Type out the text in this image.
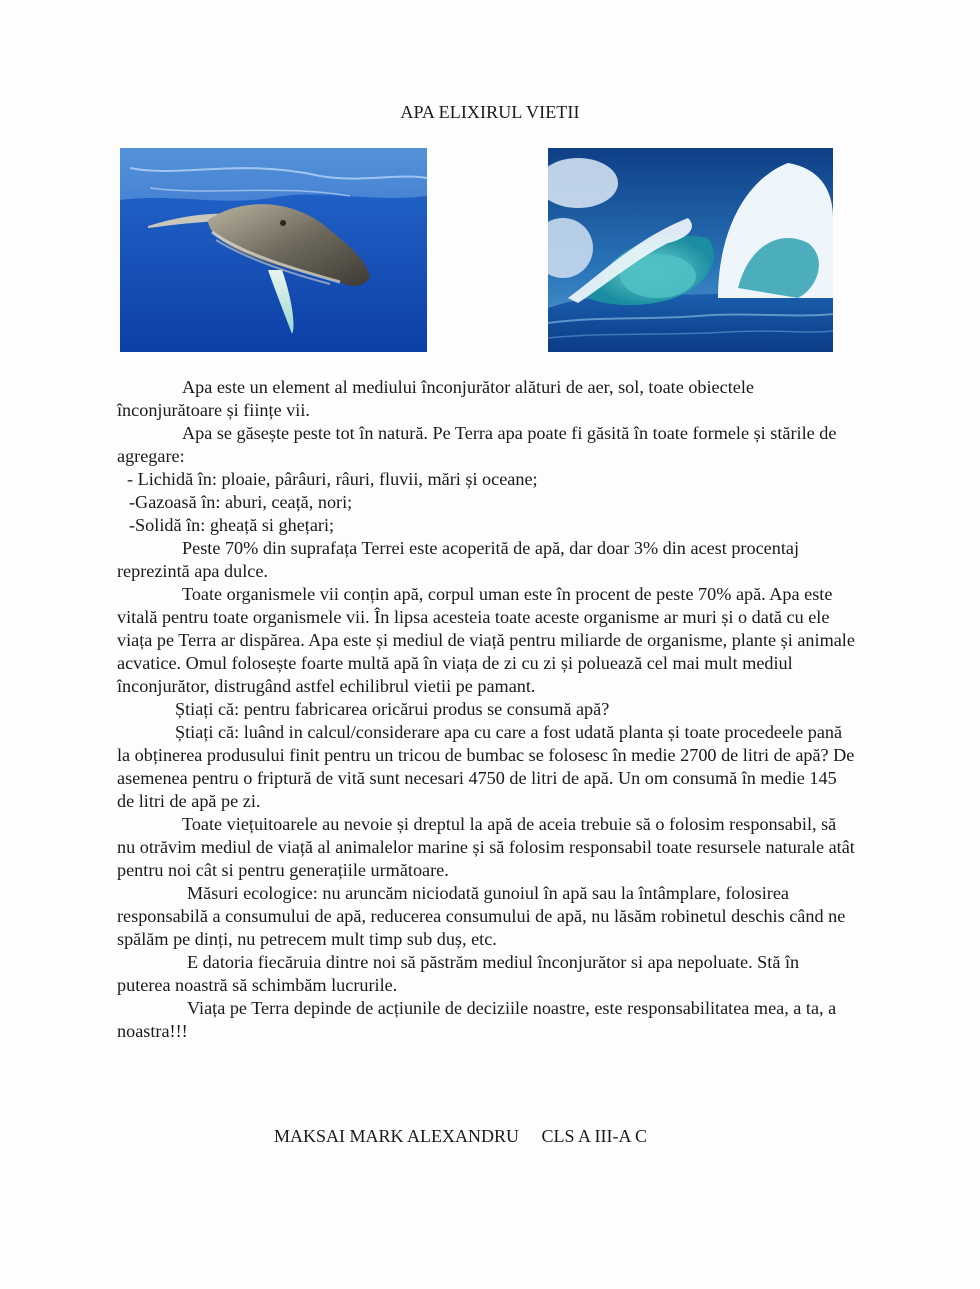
APA ELIXIRUL VIETII

Apa este un element al mediului înconjurător alături de aer, sol, toate obiectele înconjurătoare și ființe vii.

Apa se găsește peste tot în natură. Pe Terra apa poate fi găsită în toate formele și stările de agregare:

- Lichidă în: ploaie, pârâuri, râuri, fluvii, mări și oceane;

-Gazoasă în: aburi, ceață, nori;

-Solidă în: gheață si ghețari;

Peste 70% din suprafața Terrei este acoperită de apă, dar doar 3% din acest procentaj reprezintă apa dulce.

Toate organismele vii conțin apă, corpul uman este în procent de peste 70% apă. Apa este vitală pentru toate organismele vii. În lipsa acesteia toate aceste organisme ar muri și o dată cu ele viața pe Terra ar dispărea. Apa este și mediul de viață pentru miliarde de organisme, plante și animale acvatice. Omul folosește foarte multă apă în viața de zi cu zi și poluează cel mai mult mediul înconjurător, distrugând astfel echilibrul vietii pe pamant.

Știați că: pentru fabricarea oricărui produs se consumă apă?

Știați că: luând in calcul/considerare apa cu care a fost udată planta și toate procedeele pană la obținerea produsului finit pentru un tricou de bumbac se folosesc în medie 2700 de litri de apă? De asemenea pentru o friptură de vită sunt necesari 4750 de litri de apă. Un om consumă în medie 145 de litri de apă pe zi.

Toate viețuitoarele au nevoie și dreptul la apă de aceia trebuie să o folosim responsabil, să nu otrăvim mediul de viață al animalelor marine și să folosim responsabil toate resursele naturale atât pentru noi cât si pentru generațiile următoare.

Măsuri ecologice: nu aruncăm niciodată gunoiul în apă sau la întâmplare, folosirea responsabilă a consumului de apă, reducerea consumului de apă, nu lăsăm robinetul deschis când ne spălăm pe dinți, nu petrecem mult timp sub duș, etc.

E datoria fiecăruia dintre noi să păstrăm mediul înconjurător si apa nepoluate. Stă în puterea noastră să schimbăm lucrurile.

Viața pe Terra depinde de acțiunile de deciziile noastre, este responsabilitatea mea, a ta, a noastra!!!

MAKSAI MARK ALEXANDRU CLS A III-A C
